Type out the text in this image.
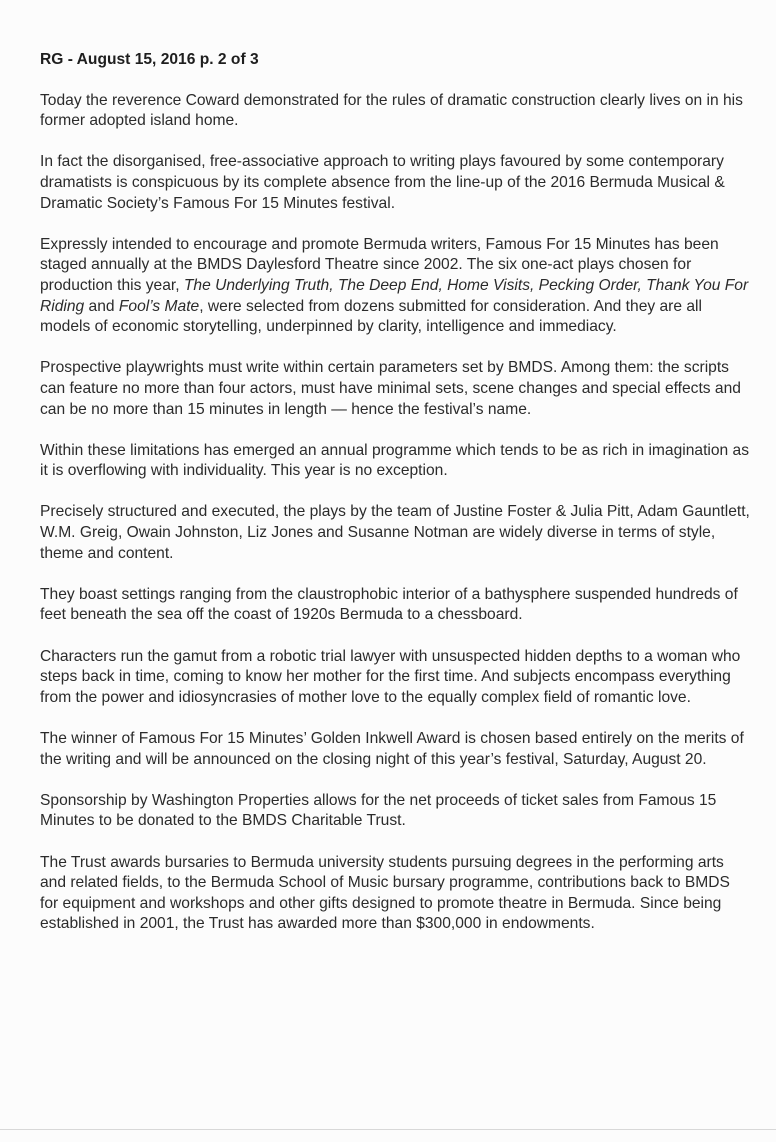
RG - August 15, 2016 p. 2 of 3

Today the reverence Coward demonstrated for the rules of dramatic construction clearly lives on in his former adopted island home.

In fact the disorganised, free-associative approach to writing plays favoured by some contemporary dramatists is conspicuous by its complete absence from the line-up of the 2016 Bermuda Musical & Dramatic Society’s Famous For 15 Minutes festival.

Expressly intended to encourage and promote Bermuda writers, Famous For 15 Minutes has been staged annually at the BMDS Daylesford Theatre since 2002. The six one-act plays chosen for production this year, The Underlying Truth, The Deep End, Home Visits, Pecking Order, Thank You For Riding and Fool’s Mate, were selected from dozens submitted for consideration. And they are all models of economic storytelling, underpinned by clarity, intelligence and immediacy.

Prospective playwrights must write within certain parameters set by BMDS. Among them: the scripts can feature no more than four actors, must have minimal sets, scene changes and special effects and can be no more than 15 minutes in length — hence the festival’s name.

Within these limitations has emerged an annual programme which tends to be as rich in imagination as it is overflowing with individuality. This year is no exception.

Precisely structured and executed, the plays by the team of Justine Foster & Julia Pitt, Adam Gauntlett, W.M. Greig, Owain Johnston, Liz Jones and Susanne Notman are widely diverse in terms of style, theme and content.

They boast settings ranging from the claustrophobic interior of a bathysphere suspended hundreds of feet beneath the sea off the coast of 1920s Bermuda to a chessboard.

Characters run the gamut from a robotic trial lawyer with unsuspected hidden depths to a woman who steps back in time, coming to know her mother for the first time. And subjects encompass everything from the power and idiosyncrasies of mother love to the equally complex field of romantic love.

The winner of Famous For 15 Minutes’ Golden Inkwell Award is chosen based entirely on the merits of the writing and will be announced on the closing night of this year’s festival, Saturday, August 20.

Sponsorship by Washington Properties allows for the net proceeds of ticket sales from Famous 15 Minutes to be donated to the BMDS Charitable Trust.

The Trust awards bursaries to Bermuda university students pursuing degrees in the performing arts and related fields, to the Bermuda School of Music bursary programme, contributions back to BMDS for equipment and workshops and other gifts designed to promote theatre in Bermuda. Since being established in 2001, the Trust has awarded more than $300,000 in endowments.
